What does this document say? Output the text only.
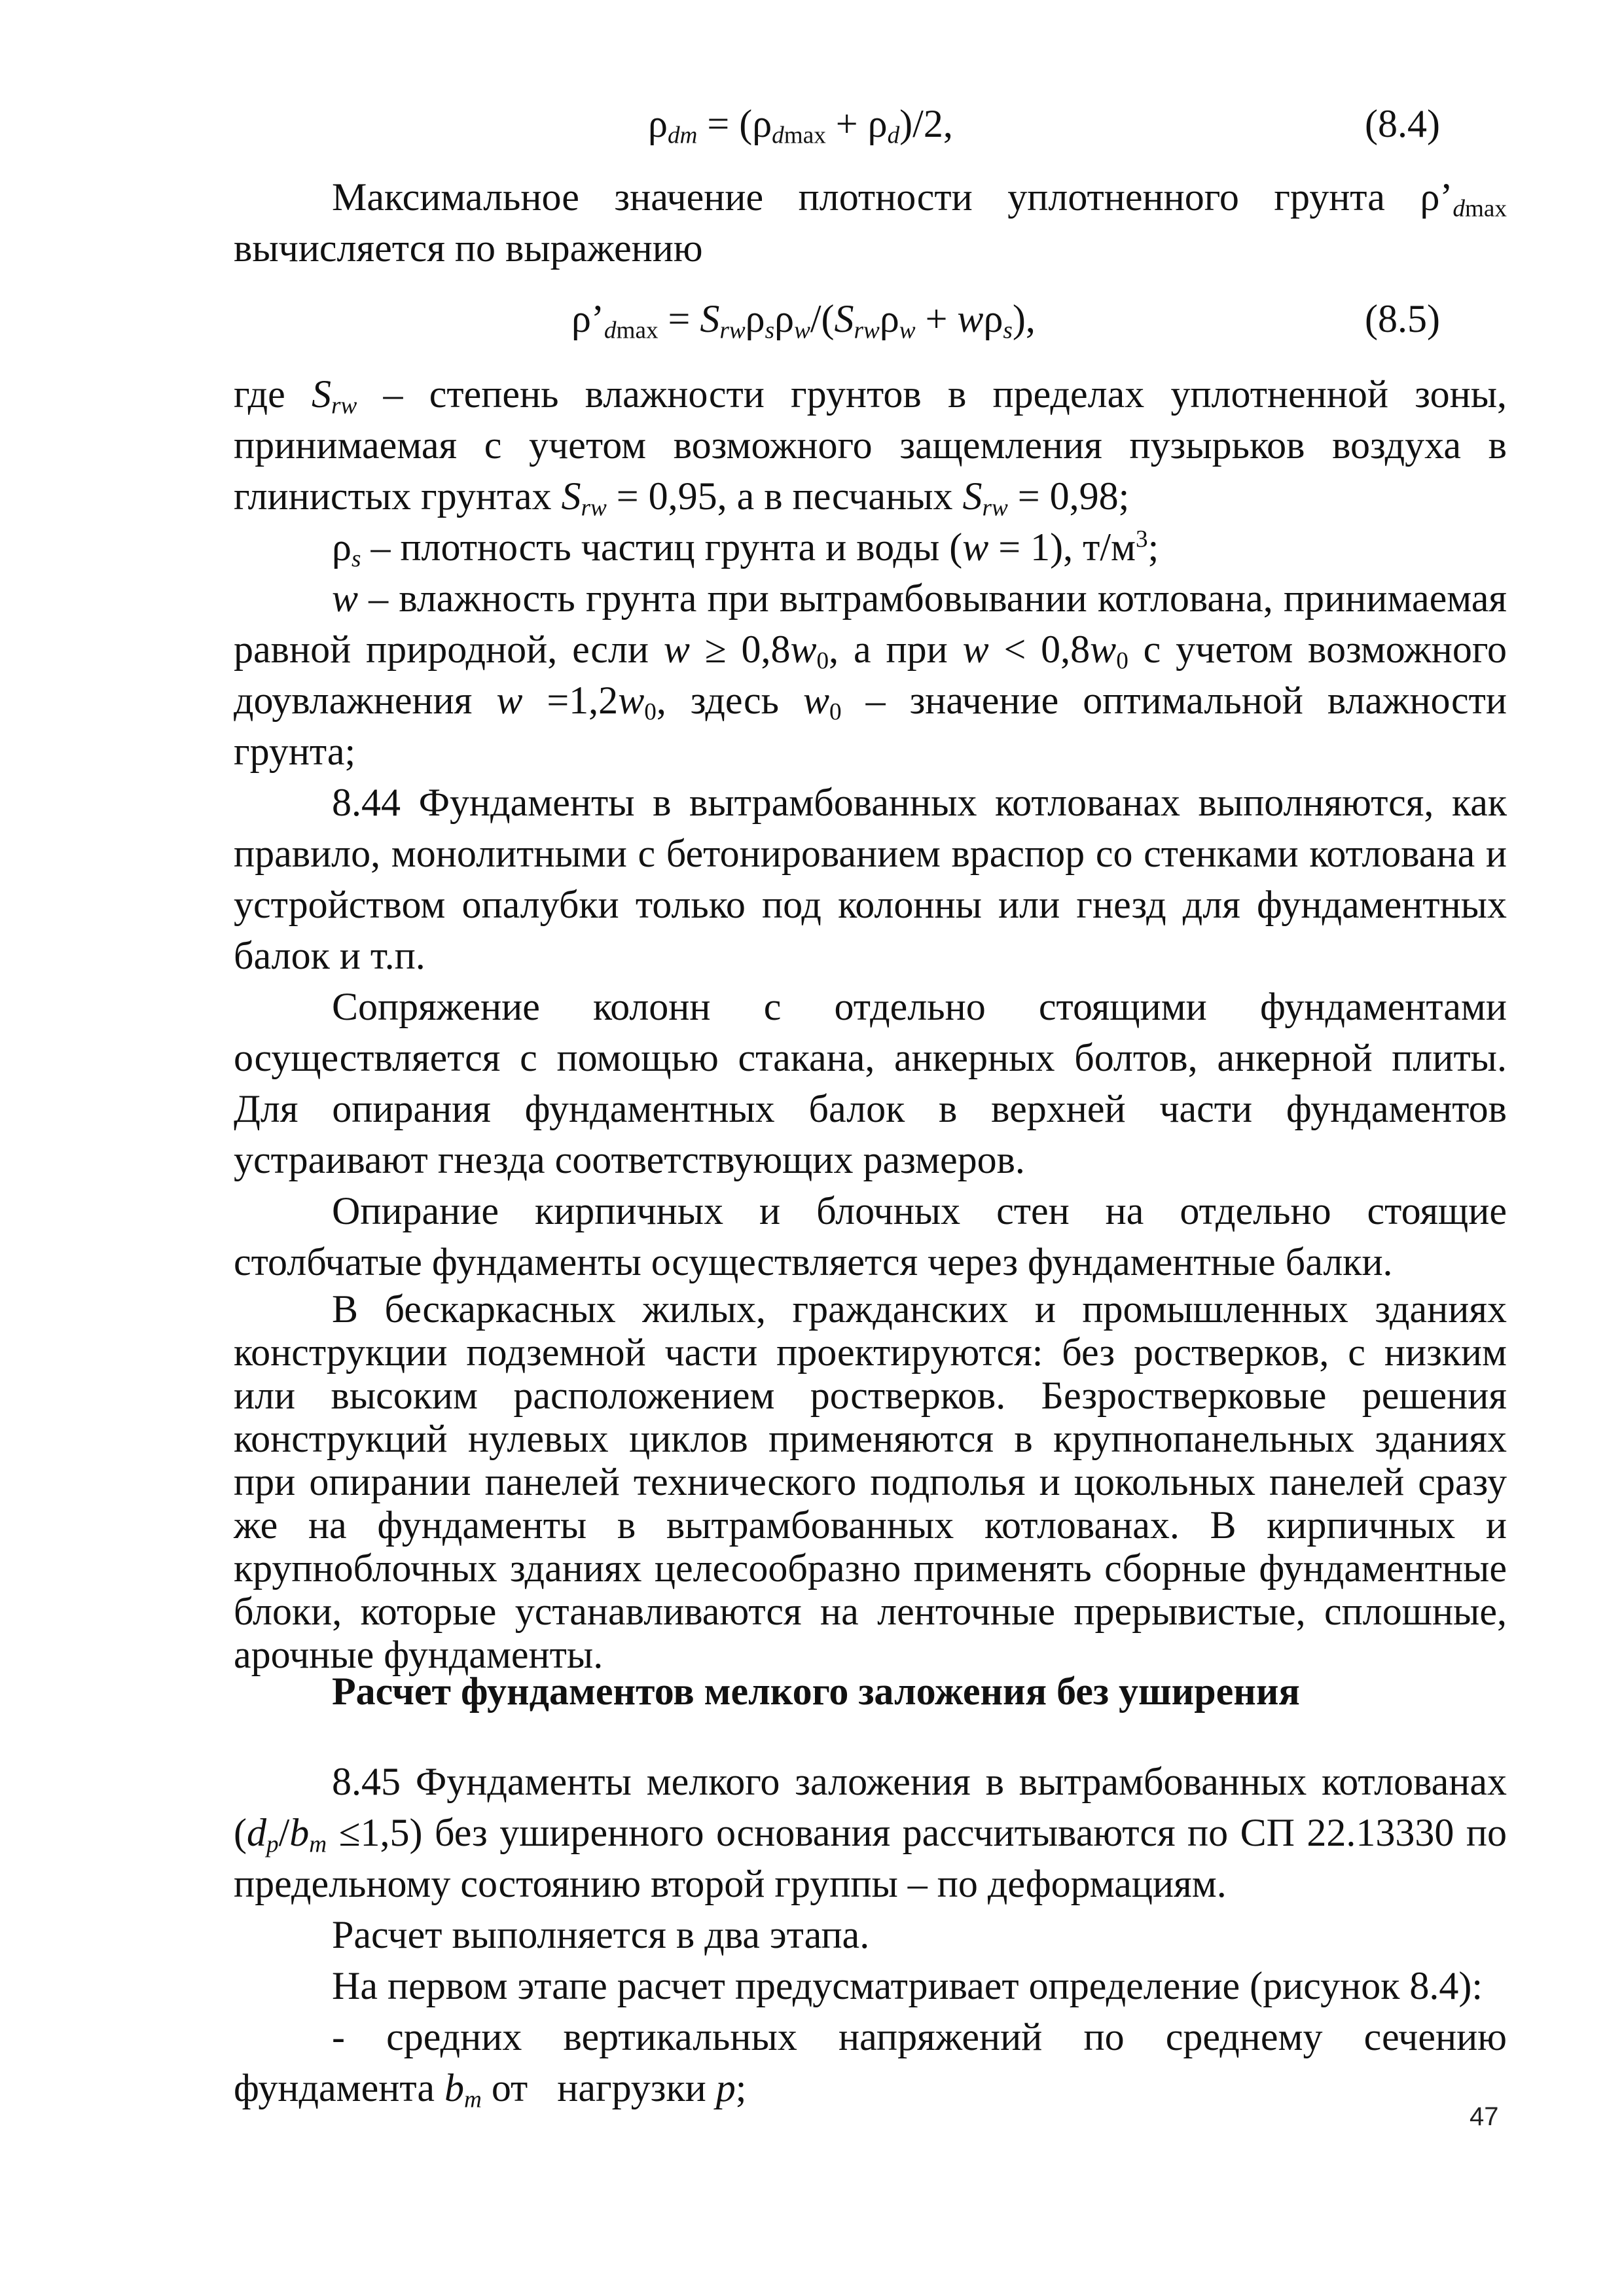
$\rho_{dm} = (\rho_{dmax} + \rho_d)/2$,	(8.4)

Максимальное значение плотности уплотненного грунта $\rho’_{dmax}$ вычисляется по выражению

$\rho’_{dmax} = S_{rw}\rho_s\rho_w/(S_{rw}\rho_w + w\rho_s)$,	(8.5)

где $S_{rw}$ – степень влажности грунтов в пределах уплотненной зоны, принимаемая с учетом возможного защемления пузырьков воздуха в глинистых грунтах $S_{rw} = 0,95$, а в песчаных $S_{rw} = 0,98$;

$\rho_s$ – плотность частиц грунта и воды (w = 1), $т/м^3$;

w – влажность грунта при вытрамбовывании котлована, принимаемая равной природной, если $w \ge 0,8w_0$, а при $w < 0,8w_0$ с учетом возможного доувлажнения $w =1,2w_0$, здесь $w_0$ – значение оптимальной влажности грунта;

8.44 Фундаменты в вытрамбованных котлованах выполняются, как правило, монолитными с бетонированием враспор со стенками котлована и устройством опалубки только под колонны или гнезд для фундаментных балок и т.п.

Сопряжение колонн с отдельно стоящими фундаментами осуществляется с помощью стакана, анкерных болтов, анкерной плиты. Для опирания фундаментных балок в верхней части фундаментов устраивают гнезда соответствующих размеров.

Опирание кирпичных и блочных стен на отдельно стоящие столбчатые фундаменты осуществляется через фундаментные балки.

В бескаркасных жилых, гражданских и промышленных зданиях конструкции подземной части проектируются: без ростверков, с низким или высоким расположением ростверков. Безростверковые решения конструкций нулевых циклов применяются в крупнопанельных зданиях при опирании панелей технического подполья и цокольных панелей сразу же на фундаменты в вытрамбованных котлованах. В кирпичных и крупноблочных зданиях целесообразно применять сборные фундаментные блоки, которые устанавливаются на ленточные прерывистые, сплошные, арочные фундаменты.

Расчет фундаментов мелкого заложения без уширения

8.45 Фундаменты мелкого заложения в вытрамбованных котлованах $(d_p/b_m \le 1,5)$ без уширенного основания рассчитываются по СП 22.13330 по предельному состоянию второй группы – по деформациям.

Расчет выполняется в два этапа.

На первом этапе расчет предусматривает определение (рисунок 8.4):

- средних вертикальных напряжений по среднему сечению фундамента $b_m$ от   нагрузки p;

47
